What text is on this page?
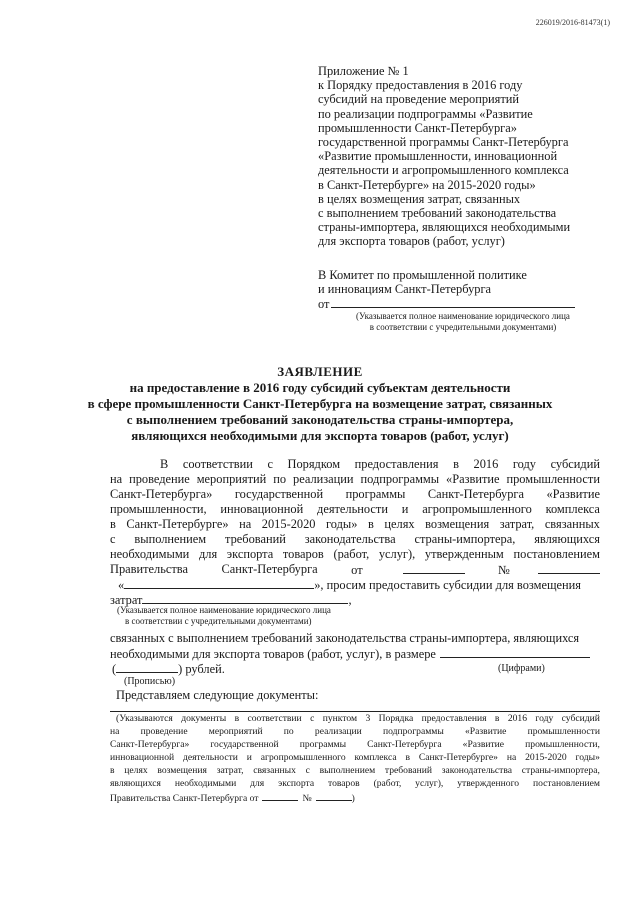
226019/2016-81473(1)
Приложение № 1
к Порядку предоставления в 2016 году
субсидий на проведение мероприятий
по реализации подпрограммы «Развитие
промышленности Санкт-Петербурга»
государственной программы Санкт-Петербурга
«Развитие промышленности, инновационной
деятельности и агропромышленного комплекса
в Санкт-Петербурге» на 2015-2020 годы»
в целях возмещения затрат, связанных
с выполнением требований законодательства
страны-импортера, являющихся необходимыми
для экспорта товаров (работ, услуг)
В Комитет по промышленной политике
и инновациям Санкт-Петербурга
от
(Указывается полное наименование юридического лица
в соответствии с учредительными документами)
ЗАЯВЛЕНИЕ
на предоставление в 2016 году субсидий субъектам деятельности
в сфере промышленности Санкт-Петербурга на возмещение затрат, связанных
с выполнением требований законодательства страны-импортера,
являющихся необходимыми для экспорта товаров (работ, услуг)
В соответствии с Порядком предоставления в 2016 году субсидий
на проведение мероприятий по реализации подпрограммы «Развитие промышленности
Санкт-Петербурга» государственной программы Санкт-Петербурга «Развитие
промышленности, инновационной деятельности и агропромышленного комплекса
в Санкт-Петербурге» на 2015-2020 годы» в целях возмещения затрат, связанных
с выполнением требований законодательства страны-импортера, являющихся
необходимыми для экспорта товаров (работ, услуг), утвержденным постановлением
Правительства	Санкт-Петербурга	от	№
«	», просим предоставить субсидии для возмещения
затрат	,
(Указывается полное наименование юридического лица
в соответствии с учредительными документами)
связанных с выполнением требований законодательства страны-импортера, являющихся
необходимыми для экспорта товаров (работ, услуг), в размере
(	) рублей.	(Цифрами)
(Прописью)
Представляем следующие документы:
(Указываются документы в соответствии с пунктом 3 Порядка предоставления в 2016 году субсидий
на проведение мероприятий по реализации подпрограммы «Развитие промышленности
Санкт-Петербурга» государственной программы Санкт-Петербурга «Развитие промышленности,
инновационной деятельности и агропромышленного комплекса в Санкт-Петербурге» на 2015-2020 годы»
в целях возмещения затрат, связанных с выполнением требований законодательства страны-импортера,
являющихся необходимыми для экспорта товаров (работ, услуг), утвержденного постановлением
Правительства Санкт-Петербурга от	№	)
